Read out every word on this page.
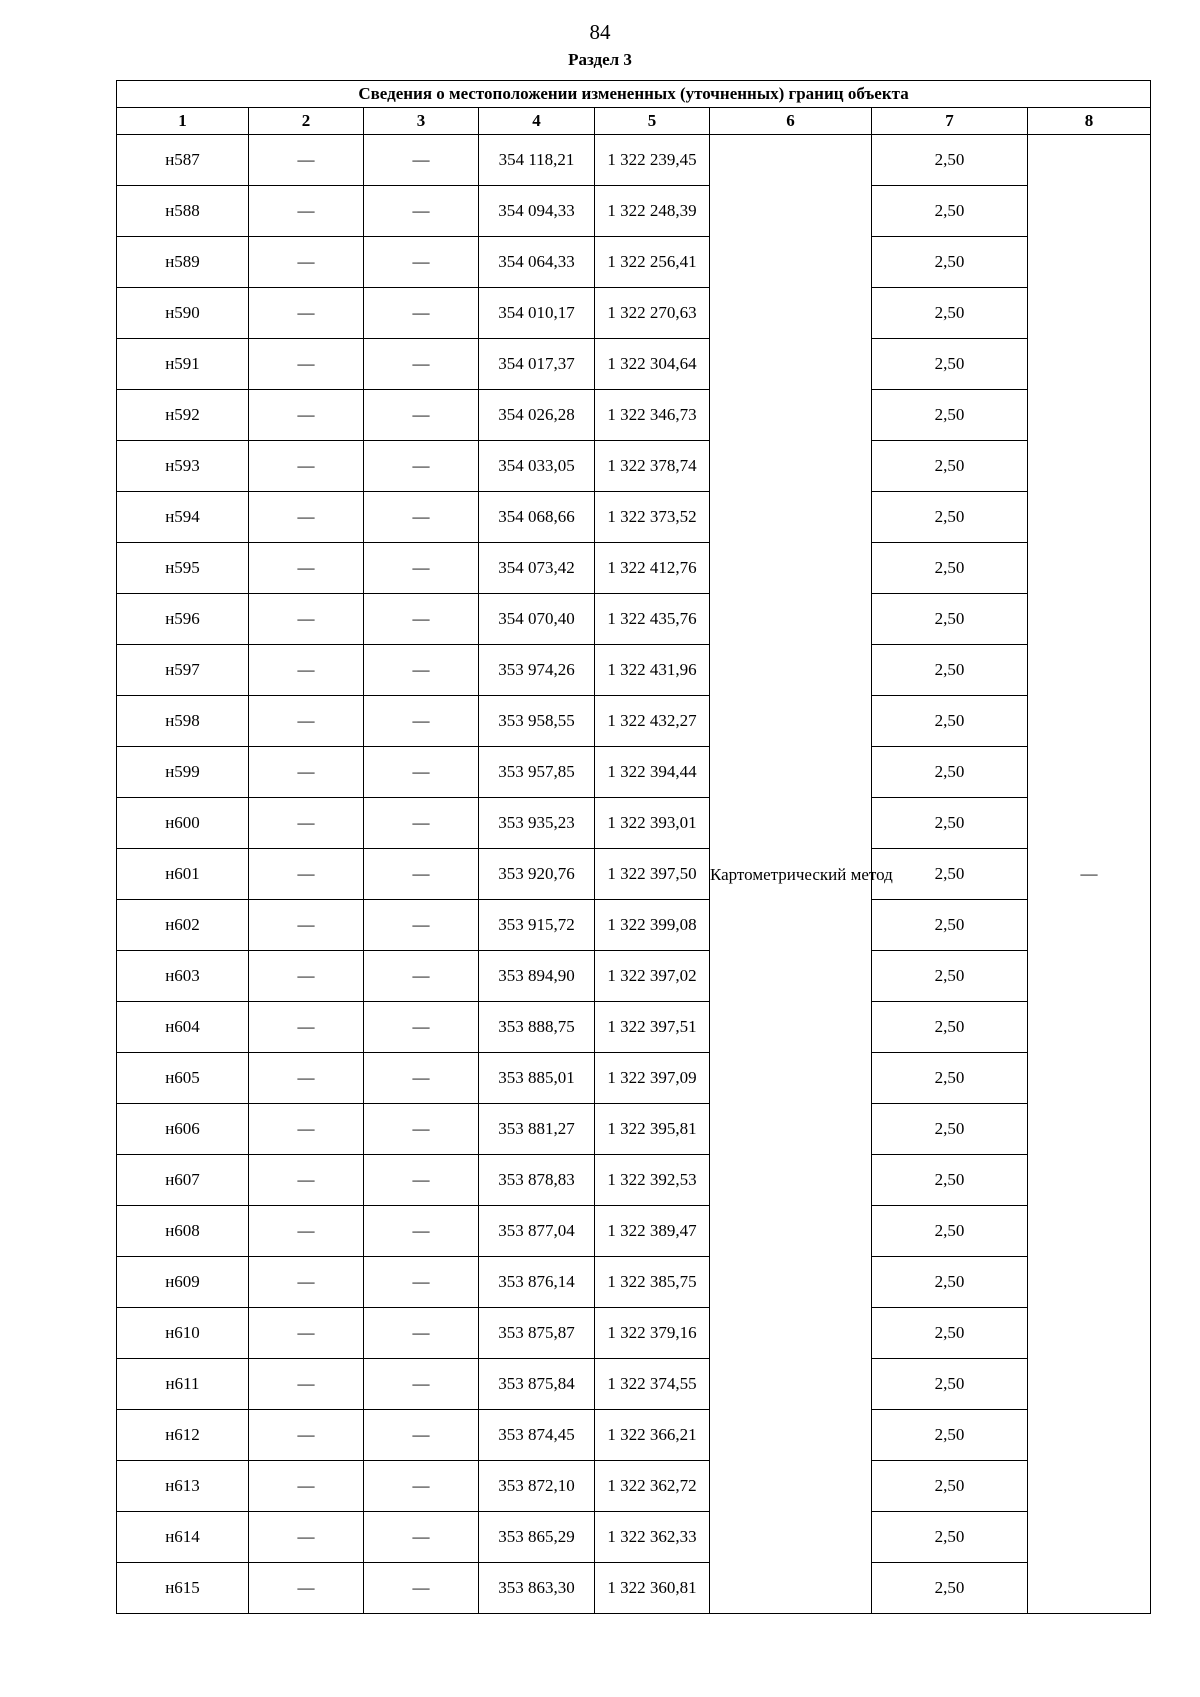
84
Раздел 3
Сведения о местоположении измененных (уточненных) границ объекта							
1	2	3	4	5	6	7	8
н587	—	—	354 118,21	1 322 239,45	Картометрический метод	2,50	—
н588	—	—	354 094,33	1 322 248,39		2,50	
н589	—	—	354 064,33	1 322 256,41		2,50	
н590	—	—	354 010,17	1 322 270,63		2,50	
н591	—	—	354 017,37	1 322 304,64		2,50	
н592	—	—	354 026,28	1 322 346,73		2,50	
н593	—	—	354 033,05	1 322 378,74		2,50	
н594	—	—	354 068,66	1 322 373,52		2,50	
н595	—	—	354 073,42	1 322 412,76		2,50	
н596	—	—	354 070,40	1 322 435,76		2,50	
н597	—	—	353 974,26	1 322 431,96		2,50	
н598	—	—	353 958,55	1 322 432,27		2,50	
н599	—	—	353 957,85	1 322 394,44		2,50	
н600	—	—	353 935,23	1 322 393,01		2,50	
н601	—	—	353 920,76	1 322 397,50		2,50	
н602	—	—	353 915,72	1 322 399,08		2,50	
н603	—	—	353 894,90	1 322 397,02		2,50	
н604	—	—	353 888,75	1 322 397,51		2,50	
н605	—	—	353 885,01	1 322 397,09		2,50	
н606	—	—	353 881,27	1 322 395,81		2,50	
н607	—	—	353 878,83	1 322 392,53		2,50	
н608	—	—	353 877,04	1 322 389,47		2,50	
н609	—	—	353 876,14	1 322 385,75		2,50	
н610	—	—	353 875,87	1 322 379,16		2,50	
н611	—	—	353 875,84	1 322 374,55		2,50	
н612	—	—	353 874,45	1 322 366,21		2,50	
н613	—	—	353 872,10	1 322 362,72		2,50	
н614	—	—	353 865,29	1 322 362,33		2,50	
н615	—	—	353 863,30	1 322 360,81		2,50	
